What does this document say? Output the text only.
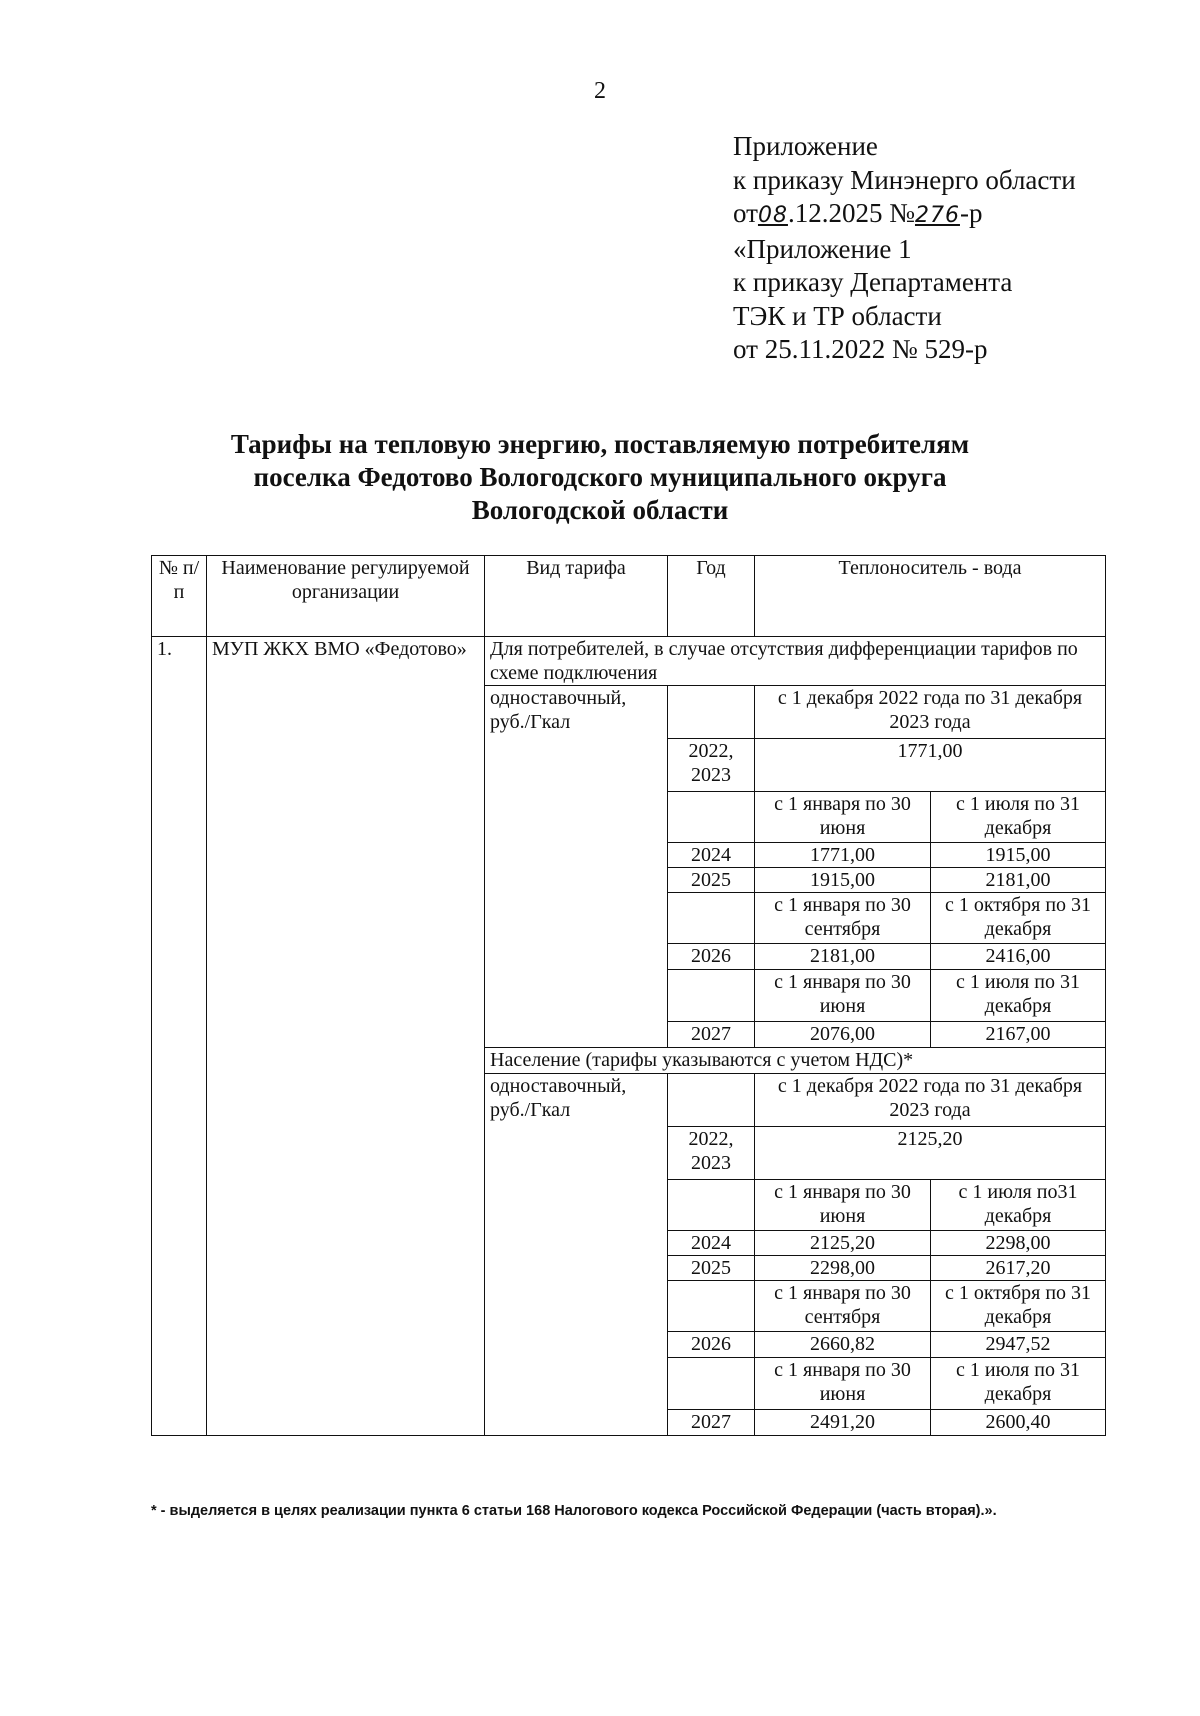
2
Приложение
к приказу Минэнерго области
от08.12.2025 №276-р
«Приложение 1
к приказу Департамента
ТЭК и ТР области
от 25.11.2022 № 529-р
Тарифы на тепловую энергию, поставляемую потребителям
поселка Федотово Вологодского муниципального округа
Вологодской области
№ п/п	Наименование регулируемой организации	Вид тарифа	Год	Теплоноситель - вода	
1.	МУП ЖКХ ВМО «Федотово»	Для потребителей, в случае отсутствия дифференциации тарифов по схеме подключения			
		одноставочный, руб./Гкал		с 1 декабря 2022 года по 31 декабря 2023 года	
			2022, 2023	1771,00	
				с 1 января по 30 июня	с 1 июля по 31 декабря
			2024	1771,00	1915,00
			2025	1915,00	2181,00
				с 1 января по 30 сентября	с 1 октября по 31 декабря
			2026	2181,00	2416,00
				с 1 января по 30 июня	с 1 июля по 31 декабря
			2027	2076,00	2167,00
		Население (тарифы указываются с учетом НДС)*			
		одноставочный, руб./Гкал		с 1 декабря 2022 года по 31 декабря 2023 года	
			2022, 2023	2125,20	
				с 1 января по 30 июня	с 1 июля по31 декабря
			2024	2125,20	2298,00
			2025	2298,00	2617,20
				с 1 января по 30 сентября	с 1 октября по 31 декабря
			2026	2660,82	2947,52
				с 1 января по 30 июня	с 1 июля по 31 декабря
			2027	2491,20	2600,40
* - выделяется в целях реализации пункта 6 статьи 168 Налогового кодекса Российской Федерации (часть вторая).».
